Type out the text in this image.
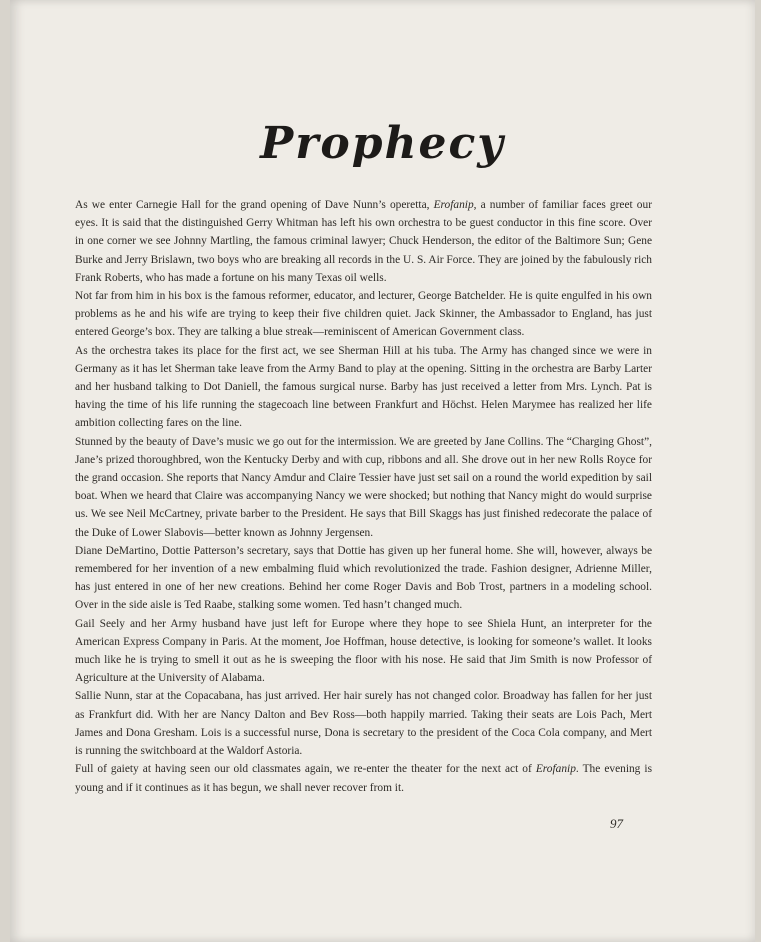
Prophecy

As we enter Carnegie Hall for the grand opening of Dave Nunn’s operetta, Erofanip, a number of familiar faces greet our eyes. It is said that the distinguished Gerry Whitman has left his own orchestra to be guest conductor in this fine score. Over in one corner we see Johnny Martling, the famous criminal lawyer; Chuck Henderson, the editor of the Baltimore Sun; Gene Burke and Jerry Brislawn, two boys who are breaking all records in the U. S. Air Force. They are joined by the fabulously rich Frank Roberts, who has made a fortune on his many Texas oil wells.

Not far from him in his box is the famous reformer, educator, and lecturer, George Batchelder. He is quite engulfed in his own problems as he and his wife are trying to keep their five children quiet. Jack Skinner, the Ambassador to England, has just entered George’s box. They are talking a blue streak—reminiscent of American Government class.

As the orchestra takes its place for the first act, we see Sherman Hill at his tuba. The Army has changed since we were in Germany as it has let Sherman take leave from the Army Band to play at the opening. Sitting in the orchestra are Barby Larter and her husband talking to Dot Daniell, the famous surgical nurse. Barby has just received a letter from Mrs. Lynch. Pat is having the time of his life running the stagecoach line between Frankfurt and Höchst. Helen Marymee has realized her life ambition collecting fares on the line.

Stunned by the beauty of Dave’s music we go out for the intermission. We are greeted by Jane Collins. The “Charging Ghost”, Jane’s prized thoroughbred, won the Kentucky Derby and with cup, ribbons and all. She drove out in her new Rolls Royce for the grand occasion. She reports that Nancy Amdur and Claire Tessier have just set sail on a round the world expedition by sail boat. When we heard that Claire was accompanying Nancy we were shocked; but nothing that Nancy might do would surprise us. We see Neil McCartney, private barber to the President. He says that Bill Skaggs has just finished redecorate the palace of the Duke of Lower Slabovis—better known as Johnny Jergensen.

Diane DeMartino, Dottie Patterson’s secretary, says that Dottie has given up her funeral home. She will, however, always be remembered for her invention of a new embalming fluid which revolutionized the trade. Fashion designer, Adrienne Miller, has just entered in one of her new creations. Behind her come Roger Davis and Bob Trost, partners in a modeling school. Over in the side aisle is Ted Raabe, stalking some women. Ted hasn’t changed much.

Gail Seely and her Army husband have just left for Europe where they hope to see Shiela Hunt, an interpreter for the American Express Company in Paris. At the moment, Joe Hoffman, house detective, is looking for someone’s wallet. It looks much like he is trying to smell it out as he is sweeping the floor with his nose. He said that Jim Smith is now Professor of Agriculture at the University of Alabama.

Sallie Nunn, star at the Copacabana, has just arrived. Her hair surely has not changed color. Broadway has fallen for her just as Frankfurt did. With her are Nancy Dalton and Bev Ross—both happily married. Taking their seats are Lois Pach, Mert James and Dona Gresham. Lois is a successful nurse, Dona is secretary to the president of the Coca Cola company, and Mert is running the switchboard at the Waldorf Astoria.

Full of gaiety at having seen our old classmates again, we re-enter the theater for the next act of Erofanip. The evening is young and if it continues as it has begun, we shall never recover from it.

97
